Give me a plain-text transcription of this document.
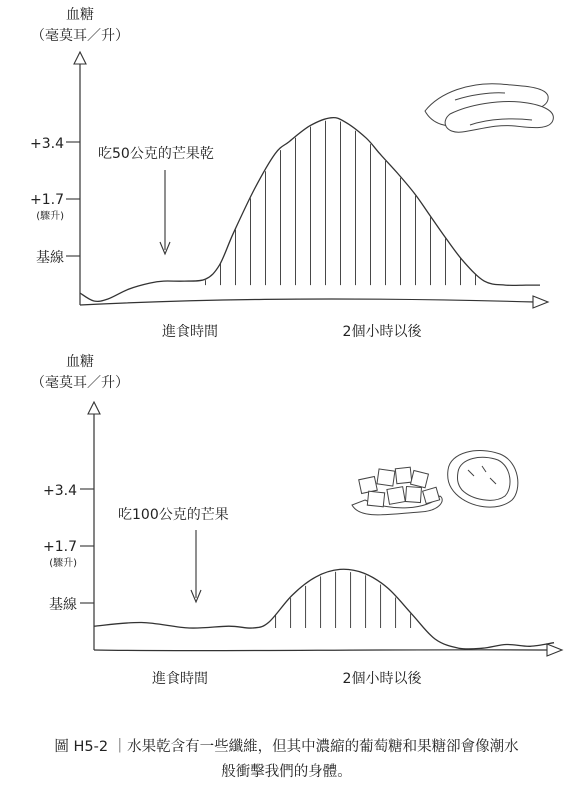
血糖
（毫莫耳／升）
+3.4
+1.7
(驟升)
基線
進食時間	2個小時以後
吃50公克的芒果乾
血糖
（毫莫耳／升）
+3.4
+1.7
(驟升)
基線
進食時間	2個小時以後
吃100公克的芒果
圖 H5-2 ｜水果乾含有一些纖維，但其中濃縮的葡萄糖和果糖卻會像潮水
般衝擊我們的身體。
